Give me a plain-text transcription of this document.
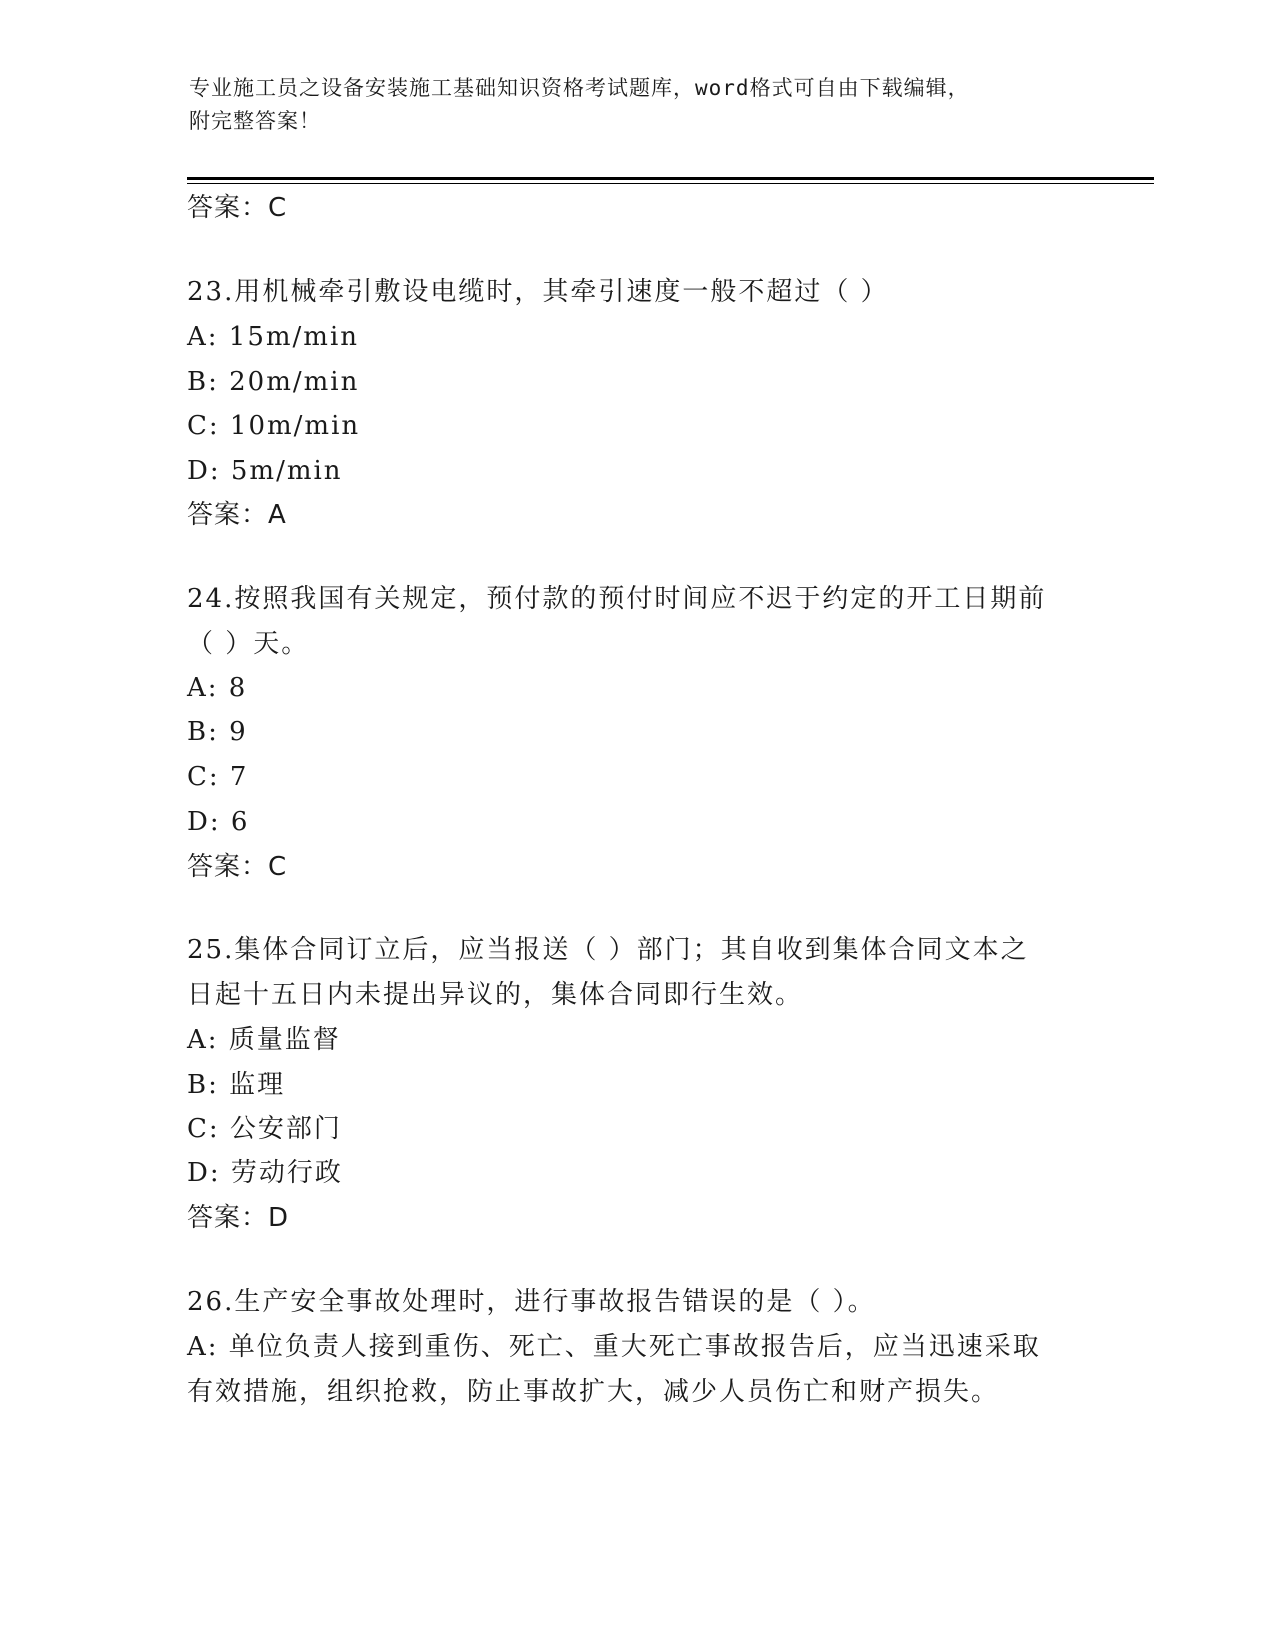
专业施工员之设备安装施工基础知识资格考试题库，word格式可自由下载编辑，
附完整答案！
答案：C
23.用机械牵引敷设电缆时，其牵引速度一般不超过（ ）
A: 15m/min
B: 20m/min
C: 10m/min
D: 5m/min
答案：A
24.按照我国有关规定，预付款的预付时间应不迟于约定的开工日期前
（ ）天。
A: 8
B: 9
C: 7
D: 6
答案：C
25.集体合同订立后，应当报送（ ）部门；其自收到集体合同文本之
日起十五日内未提出异议的，集体合同即行生效。
A: 质量监督
B: 监理
C: 公安部门
D: 劳动行政
答案：D
26.生产安全事故处理时，进行事故报告错误的是（ ）。
A: 单位负责人接到重伤、死亡、重大死亡事故报告后，应当迅速采取
有效措施，组织抢救，防止事故扩大，减少人员伤亡和财产损失。
